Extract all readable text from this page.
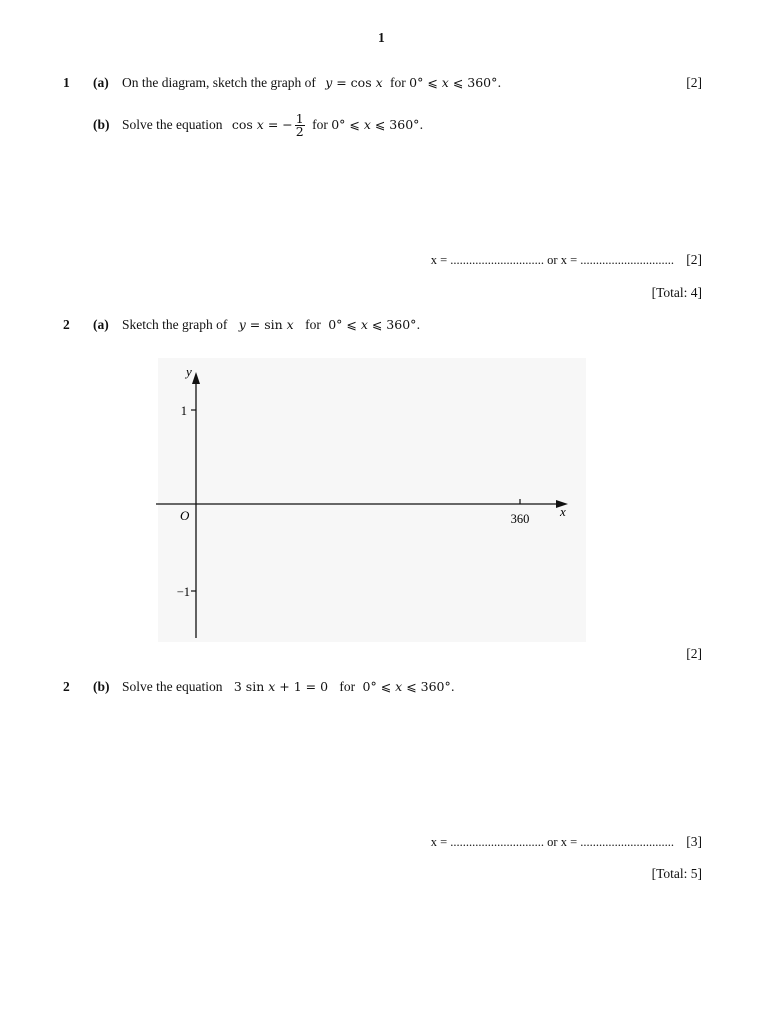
1
1 (a) On the diagram, sketch the graph of y = cos x for 0° ⩽ x ⩽ 360°.	[2]
(b) Solve the equation cos x = − $\frac{1}{2}$ for 0° ⩽ x ⩽ 360°.
x = .............................. or x = .............................. [2]
[Total: 4]
2 (a) Sketch the graph of y = sin x for 0° ⩽ x ⩽ 360°.
y
1
−1
O	360 x
[2]
2 (b) Solve the equation 3 sin x + 1 = 0 for 0° ⩽ x ⩽ 360°.
x = .............................. or x = .............................. [3]
[Total: 5]
